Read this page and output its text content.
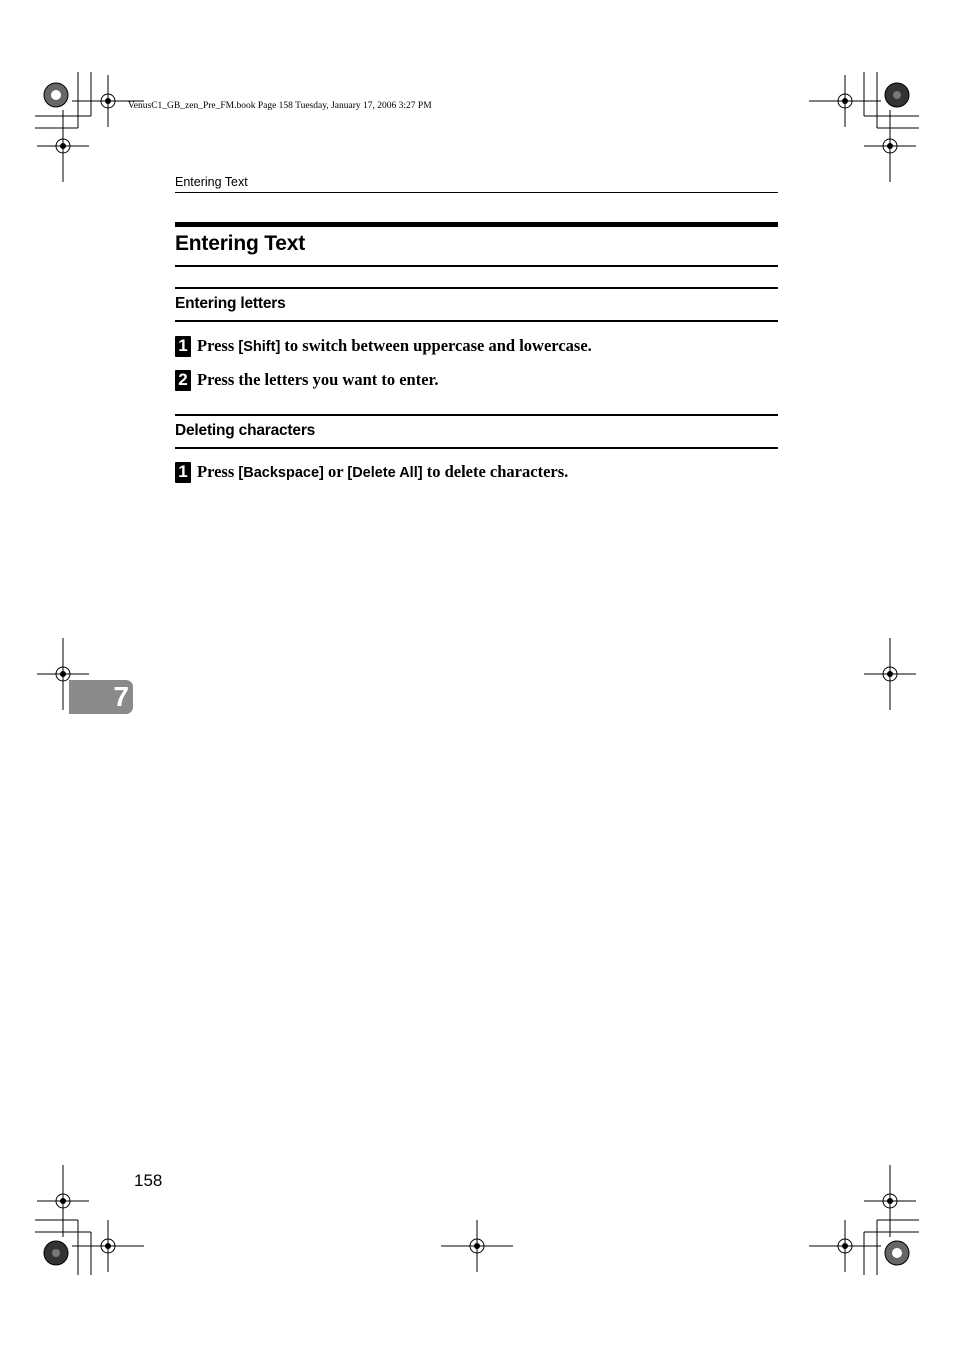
VenusC1_GB_zen_Pre_FM.book Page 158 Tuesday, January 17, 2006 3:27 PM
Entering Text
Entering Text
Entering letters
1 Press [Shift] to switch between uppercase and lowercase.
2 Press the letters you want to enter.
Deleting characters
1 Press [Backspace] or [Delete All] to delete characters.
7
158
